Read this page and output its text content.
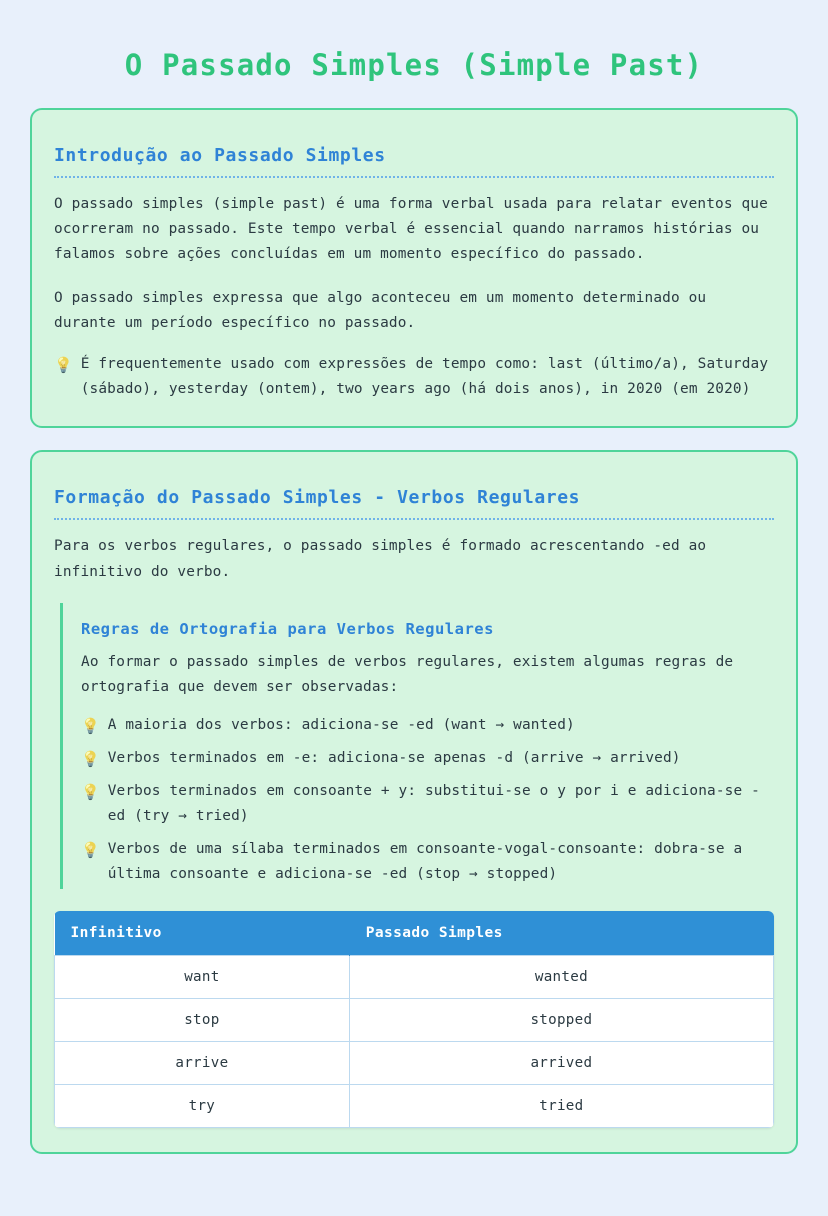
O Passado Simples (Simple Past)
Introdução ao Passado Simples

O passado simples (simple past) é uma forma verbal usada para relatar eventos que ocorreram no passado. Este tempo verbal é essencial quando narramos histórias ou falamos sobre ações concluídas em um momento específico do passado.

O passado simples expressa que algo aconteceu em um momento determinado ou durante um período específico no passado.

💡 É frequentemente usado com expressões de tempo como: last (último/a), Saturday (sábado), yesterday (ontem), two years ago (há dois anos), in 2020 (em 2020)
Formação do Passado Simples - Verbos Regulares

Para os verbos regulares, o passado simples é formado acrescentando -ed ao infinitivo do verbo.

Regras de Ortografia para Verbos Regulares

Ao formar o passado simples de verbos regulares, existem algumas regras de ortografia que devem ser observadas:

💡 A maioria dos verbos: adiciona-se -ed (want → wanted)
💡 Verbos terminados em -e: adiciona-se apenas -d (arrive → arrived)
💡 Verbos terminados em consoante + y: substitui-se o y por i e adiciona-se -ed (try → tried)
💡 Verbos de uma sílaba terminados em consoante-vogal-consoante: dobra-se a última consoante e adiciona-se -ed (stop → stopped)
Infinitivo	Passado Simples
want	wanted
stop	stopped
arrive	arrived
try	tried
